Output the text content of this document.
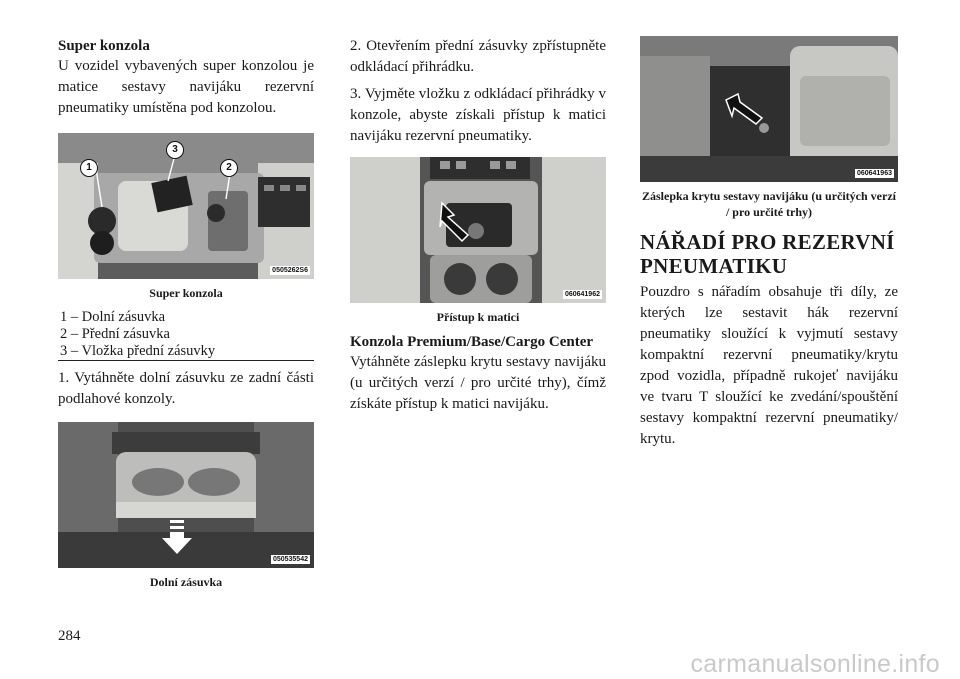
Super konzola

U vozidel vybavených super konzolou je matice sestavy navijáku rezervní pneumatiky umístěna pod konzolou.

1
3
2
0505262S6

Super konzola

1 – Dolní zásuvka
2 – Přední zásuvka
3 – Vložka přední zásuvky

1. Vytáhněte dolní zásuvku ze zadní části podlahové konzoly.

050535542

Dolní zásuvka

2. Otevřením přední zásuvky zpřístupněte odkládací přihrádku.

3. Vyjměte vložku z odkládací přihrádky v konzole, abyste získali přístup k matici navijáku rezervní pneumatiky.

060641962

Přístup k matici

Konzola Premium/Base/Cargo Center

Vytáhněte záslepku krytu sestavy navijáku (u určitých verzí / pro určité trhy), čímž získáte přístup k matici navijáku.

060641963

Záslepka krytu sestavy navijáku (u určitých verzí / pro určité trhy)

NÁŘADÍ PRO REZERVNÍ PNEUMATIKU

Pouzdro s nářadím obsahuje tři díly, ze kterých lze sestavit hák rezervní pneumatiky sloužící k vyjmutí sestavy kompaktní rezervní pneumatiky/krytu zpod vozidla, případně rukojeť navijáku ve tvaru T sloužící ke zvedání/spouštění sestavy kompaktní rezervní pneumatiky/ krytu.

284
carmanualsonline.info
